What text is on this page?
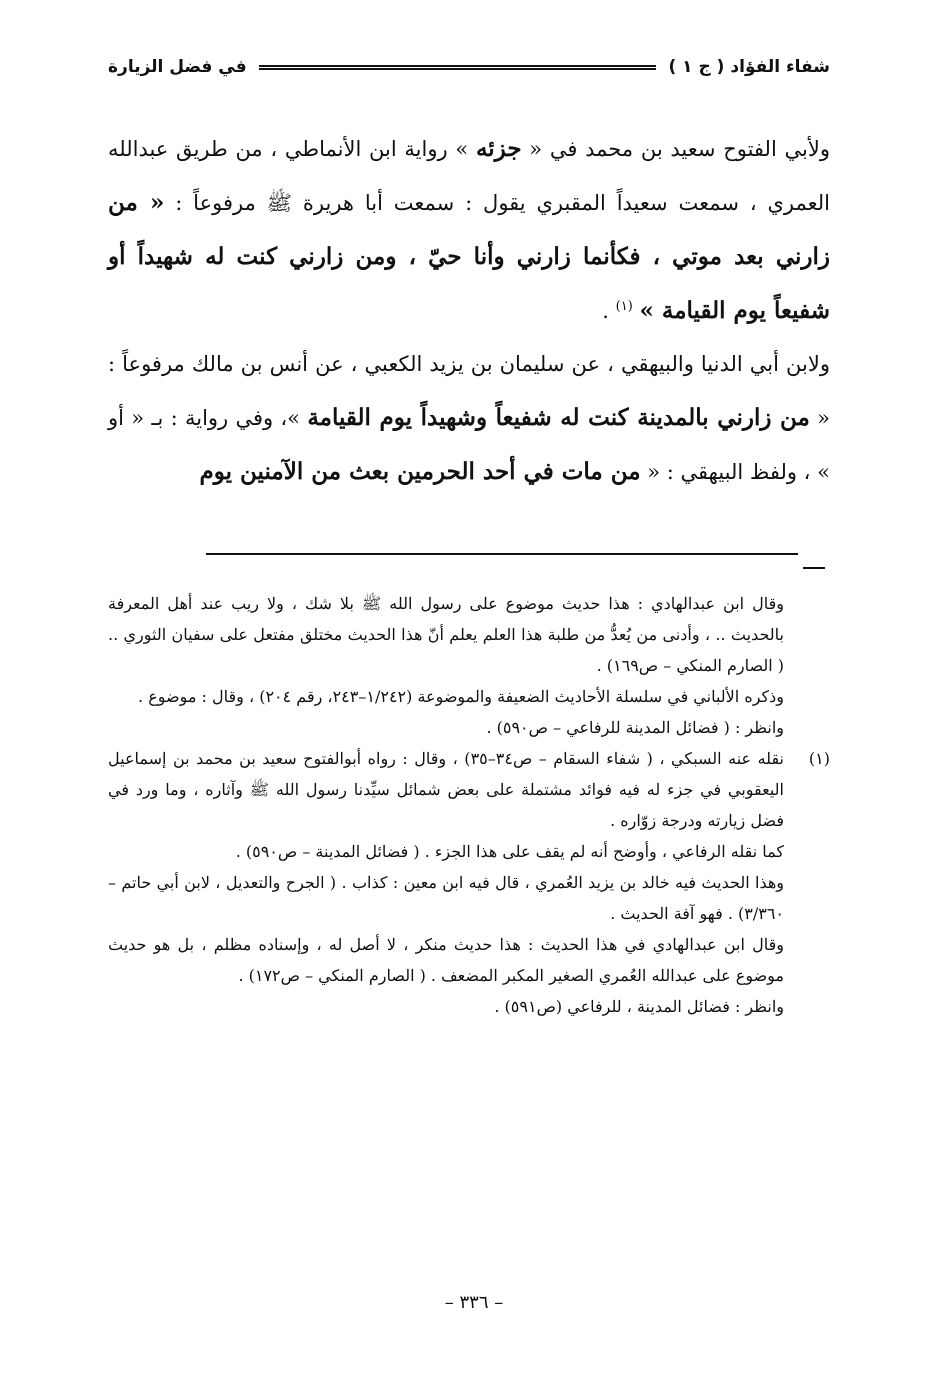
شفاء الفؤاد
( ج ١ )
في فضل الزيارة

ولأبي الفتوح سعيد بن محمد في « جزئه » رواية ابن الأنماطي ، من طريق عبدالله العمري ، سمعت سعيداً المقبري يقول : سمعت أبا هريرة ﷺ مرفوعاً : « من زارني بعد موتي ، فكأنما زارني وأنا حيّ ، ومن زارني كنت له شهيداً أو شفيعاً يوم القيامة » $^{(١)}$ .

ولابن أبي الدنيا والبيهقي ، عن سليمان بن يزيد الكعبي ، عن أنس بن مالك مرفوعاً : « من زارني بالمدينة كنت له شفيعاً وشهيداً يوم القيامة »، وفي رواية : بـ « أو » ، ولفظ البيهقي : « من مات في أحد الحرمين بعث من الآمنين يوم

وقال ابن عبدالهادي : هذا حديث موضوع على رسول الله ﷺ بلا شك ، ولا ريب عند أهل المعرفة بالحديث .. ، وأدنى من يُعدُّ من طلبة هذا العلم يعلم أنّ هذا الحديث مختلق مفتعل على سفيان الثوري .. ( الصارم المنكي – ص١٦٩) .

وذكره الألباني في سلسلة الأحاديث الضعيفة والموضوعة (١/٢٤٢–٢٤٣، رقم ٢٠٤) ، وقال : موضوع .

وانظر : ( فضائل المدينة للرفاعي – ص٥٩٠) .

(١)

نقله عنه السبكي ، ( شفاء السقام – ص٣٤–٣٥) ، وقال : رواه أبوالفتوح سعيد بن محمد بن إسماعيل اليعقوبي في جزء له فيه فوائد مشتملة على بعض شمائل سيِّدنا رسول الله ﷺ وآثاره ، وما ورد في فضل زيارته ودرجة زوّاره .

كما نقله الرفاعي ، وأوضح أنه لم يقف على هذا الجزء . ( فضائل المدينة – ص٥٩٠) .

وهذا الحديث فيه خالد بن يزيد العُمري ، قال فيه ابن معين : كذاب . ( الجرح والتعديل ، لابن أبي حاتم – ٣/٣٦٠) . فهو آفة الحديث .

وقال ابن عبدالهادي في هذا الحديث : هذا حديث منكر ، لا أصل له ، وإسناده مظلم ، بل هو حديث موضوع على عبدالله العُمري الصغير المكبر المضعف . ( الصارم المنكي – ص١٧٢) .

وانظر : فضائل المدينة ، للرفاعي (ص٥٩١) .

– ٣٣٦ –
